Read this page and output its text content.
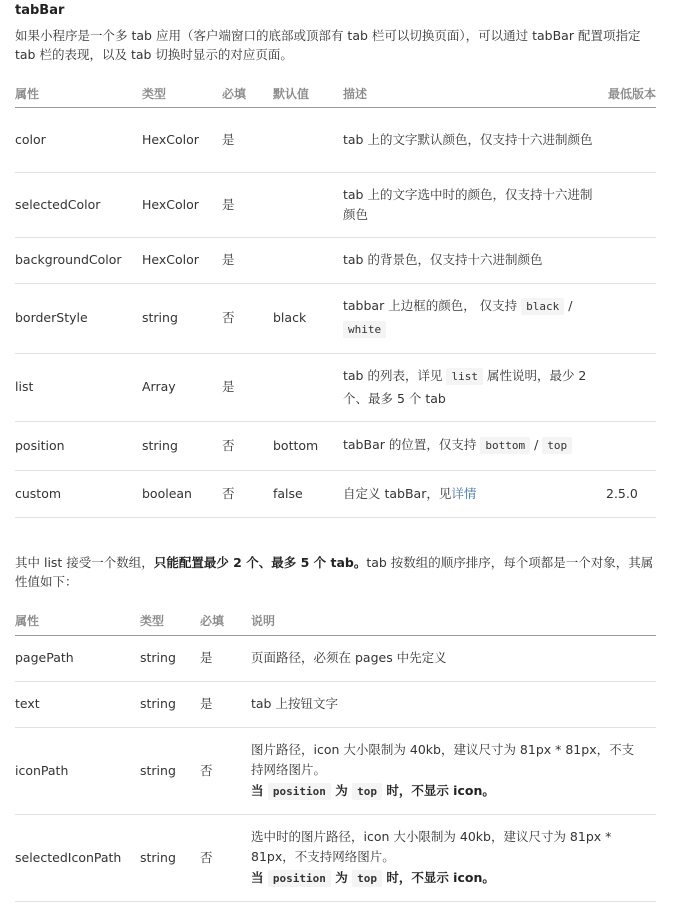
tabBar
如果小程序是一个多 tab 应用（客户端窗口的底部或顶部有 tab 栏可以切换页面），可以通过 tabBar 配置项指定 tab 栏的表现，以及 tab 切换时显示的对应页面。
属性	类型	必填	默认值	描述	最低版本
color	HexColor	是		tab 上的文字默认颜色，仅支持十六进制颜色	
selectedColor	HexColor	是		tab 上的文字选中时的颜色，仅支持十六进制颜色	
backgroundColor	HexColor	是		tab 的背景色，仅支持十六进制颜色	
borderStyle	string	否	black	tabbar 上边框的颜色， 仅支持 black /
white	
list	Array	是		tab 的列表，详见 list 属性说明，最少 2 个、最多 5 个 tab	
position	string	否	bottom	tabBar 的位置，仅支持 bottom / top	
custom	boolean	否	false	自定义 tabBar，见详情	2.5.0
其中 list 接受一个数组，只能配置最少 2 个、最多 5 个 tab。tab 按数组的顺序排序，每个项都是一个对象，其属性值如下：
属性	类型	必填	说明
pagePath	string	是	页面路径，必须在 pages 中先定义
text	string	是	tab 上按钮文字
iconPath	string	否	图片路径，icon 大小限制为 40kb，建议尺寸为 81px * 81px，不支持网络图片。
当 position 为 top 时，不显示 icon。

selectedIconPath	string	否	选中时的图片路径，icon 大小限制为 40kb，建议尺寸为 81px * 81px，不支持网络图片。
当 position 为 top 时，不显示 icon。
